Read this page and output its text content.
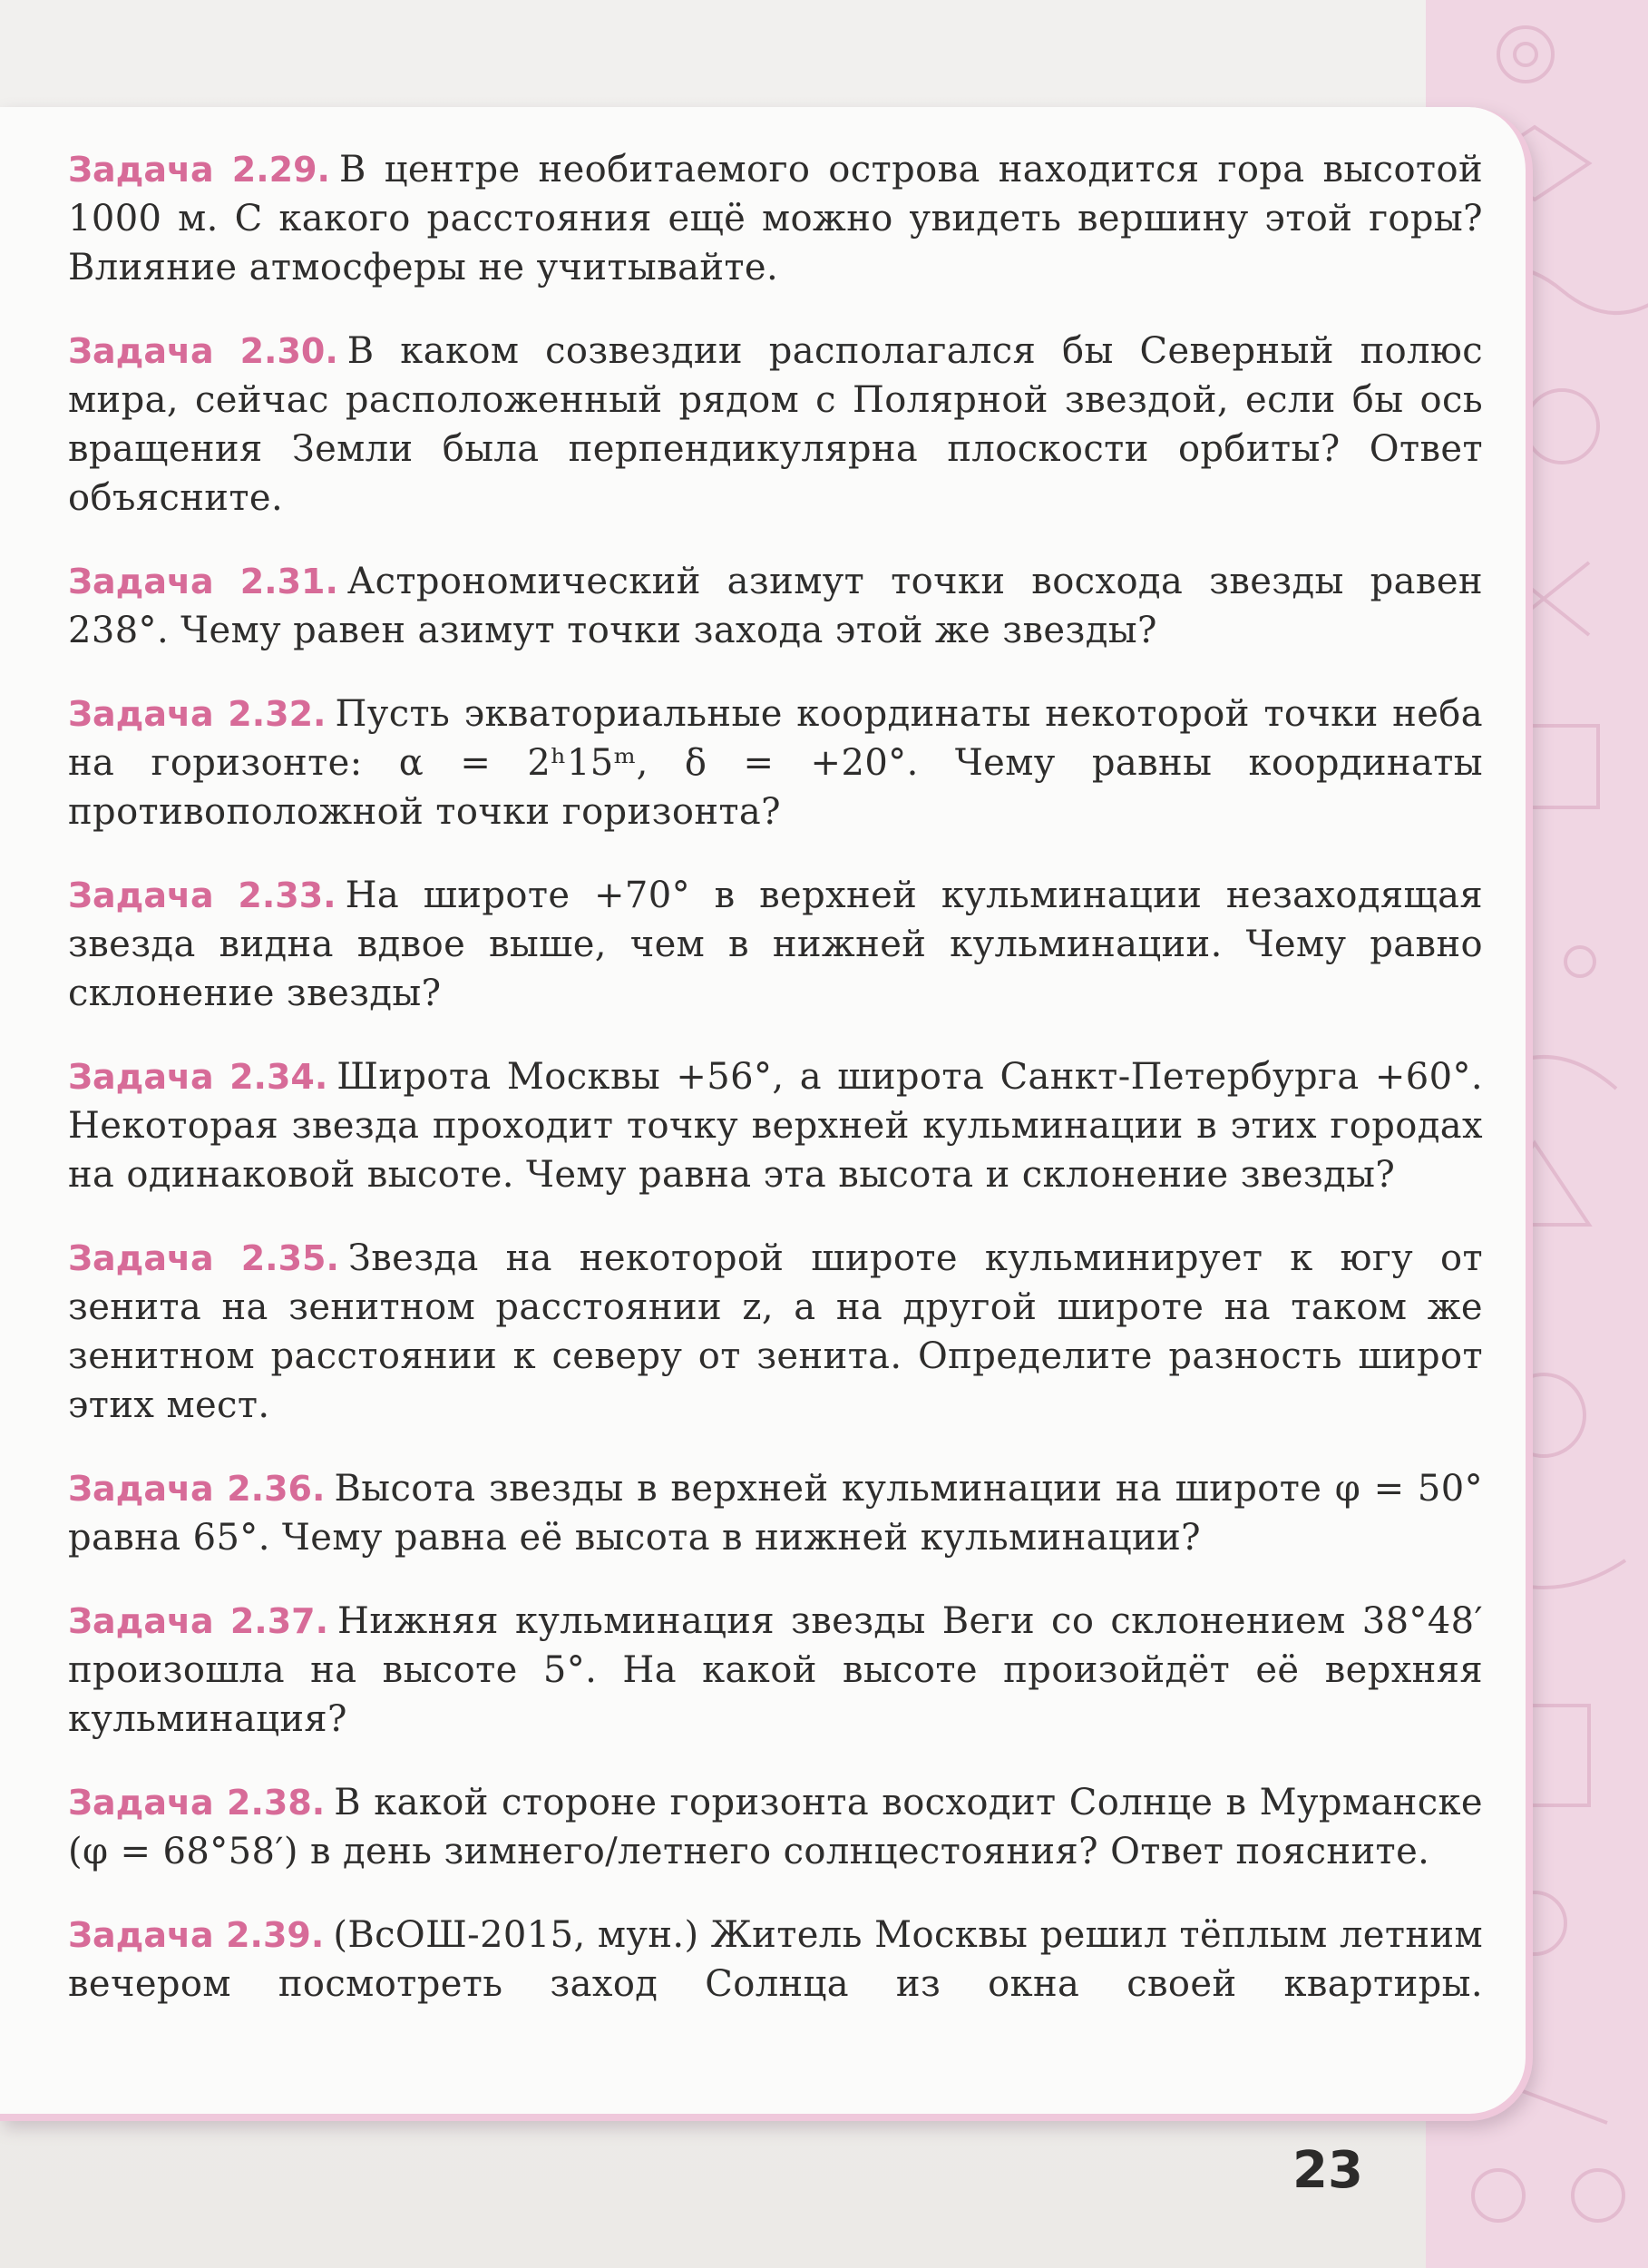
Задача 2.29. В центре необитаемого острова находится гора высотой 1000 м. С какого расстояния ещё можно увидеть вершину этой горы? Влияние атмосферы не учитывайте.

Задача 2.30. В каком созвездии располагался бы Северный полюс мира, сейчас расположенный рядом с Полярной звездой, если бы ось вращения Земли была перпендикулярна плоскости орбиты? Ответ объясните.

Задача 2.31. Астрономический азимут точки восхода звезды равен 238°. Чему равен азимут точки захода этой же звезды?

Задача 2.32. Пусть экваториальные координаты некоторой точки неба на горизонте: α = 2ʰ15ᵐ, δ = +20°. Чему равны координаты противоположной точки горизонта?

Задача 2.33. На широте +70° в верхней кульминации незаходящая звезда видна вдвое выше, чем в нижней кульминации. Чему равно склонение звезды?

Задача 2.34. Широта Москвы +56°, а широта Санкт-Петербурга +60°. Некоторая звезда проходит точку верхней кульминации в этих городах на одинаковой высоте. Чему равна эта высота и склонение звезды?

Задача 2.35. Звезда на некоторой широте кульминирует к югу от зенита на зенитном расстоянии z, а на другой широте на таком же зенитном расстоянии к северу от зенита. Определите разность широт этих мест.

Задача 2.36. Высота звезды в верхней кульминации на широте φ = 50° равна 65°. Чему равна её высота в нижней кульминации?

Задача 2.37. Нижняя кульминация звезды Веги со склонением 38°48′ произошла на высоте 5°. На какой высоте произойдёт её верхняя кульминация?

Задача 2.38. В какой стороне горизонта восходит Солнце в Мурманске (φ = 68°58′) в день зимнего/летнего солнцестояния? Ответ поясните.

Задача 2.39. (ВсОШ-2015, мун.) Житель Москвы решил тёплым летним вечером посмотреть заход Солнца из окна своей квартиры.

23
